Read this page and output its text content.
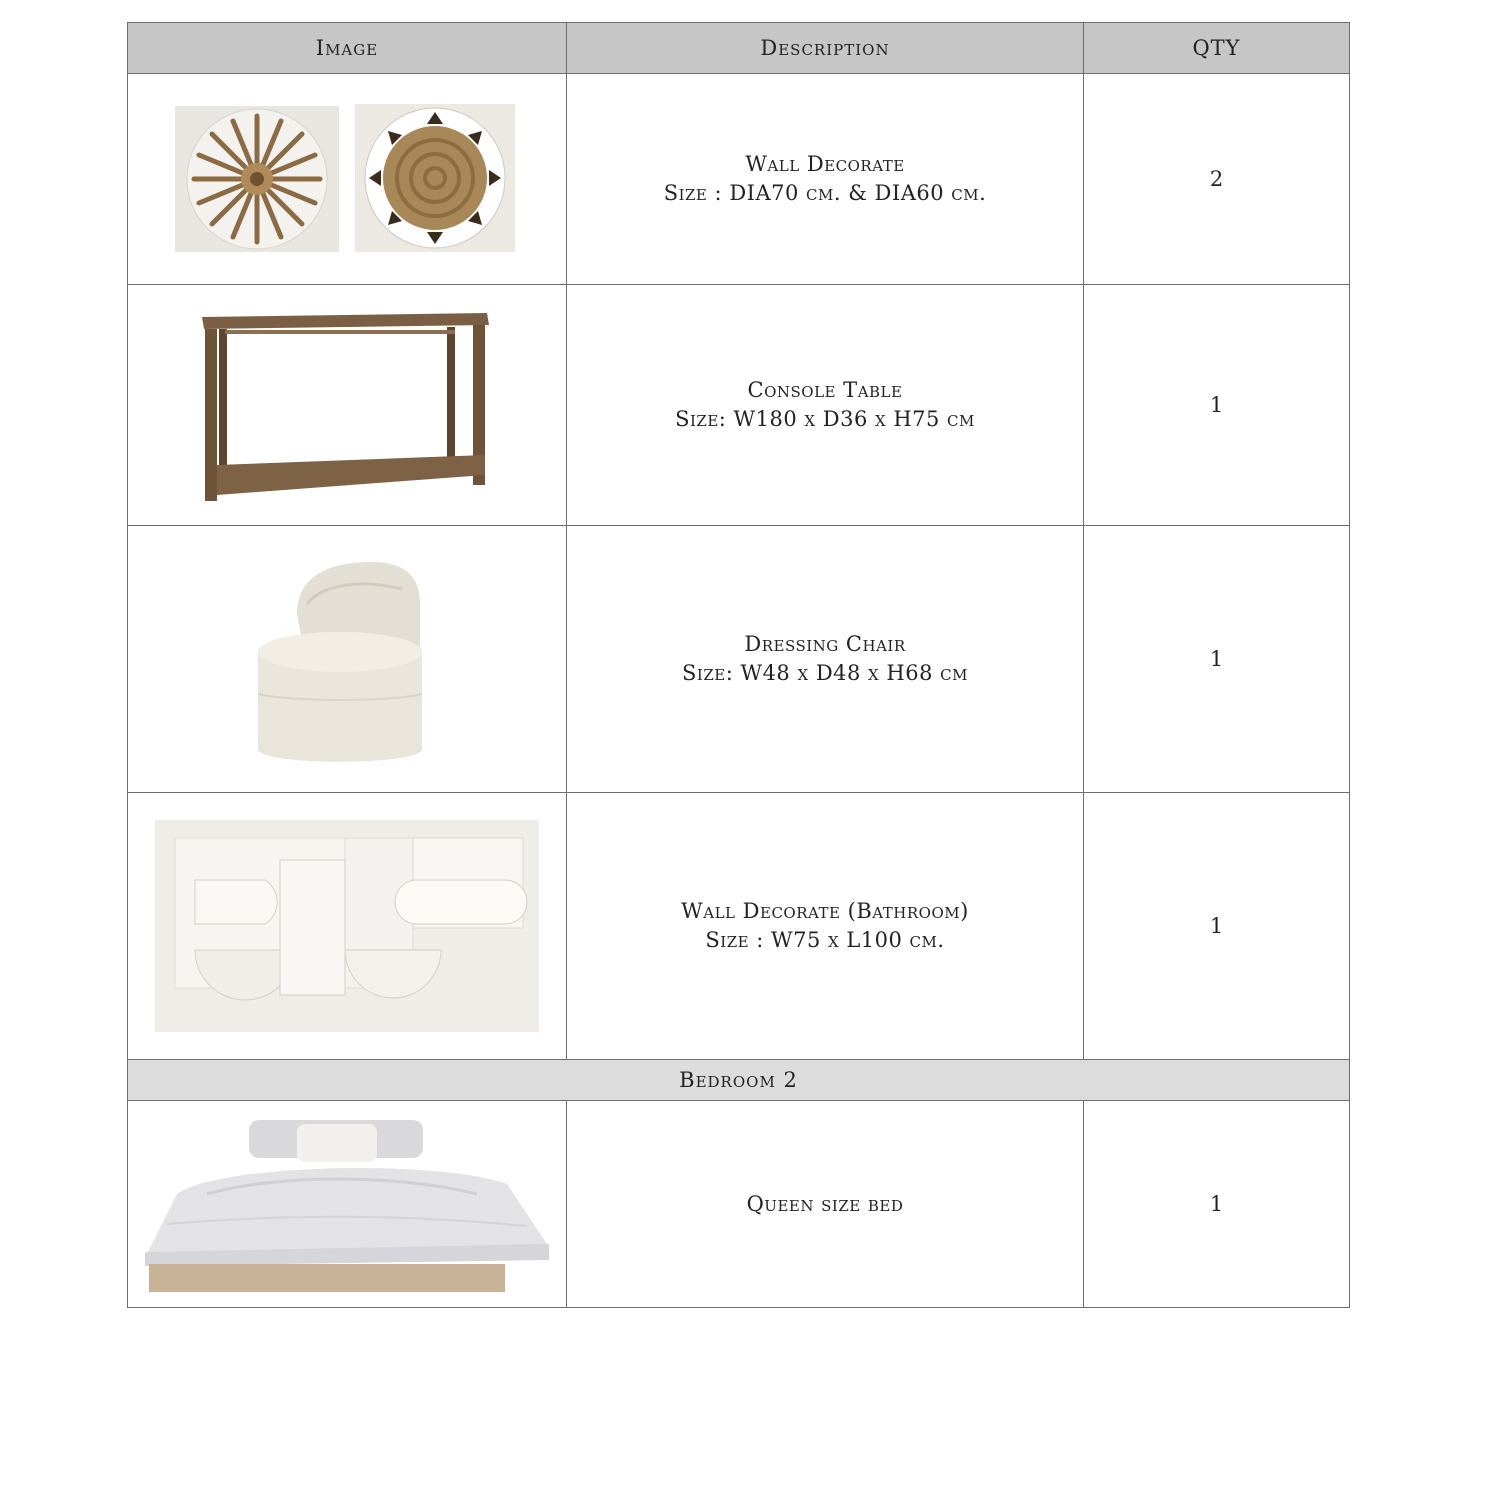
Image	Description	QTY

Wall Decorate
Size : DIA70 cm. & DIA60 cm.	2

Console Table
Size: W180 x D36 x H75 cm	1

Dressing Chair
Size: W48 x D48 x H68 cm	1

Wall Decorate (Bathroom)
Size : W75 x L100 cm.	1
Bedroom 2		

Queen size bed	1
